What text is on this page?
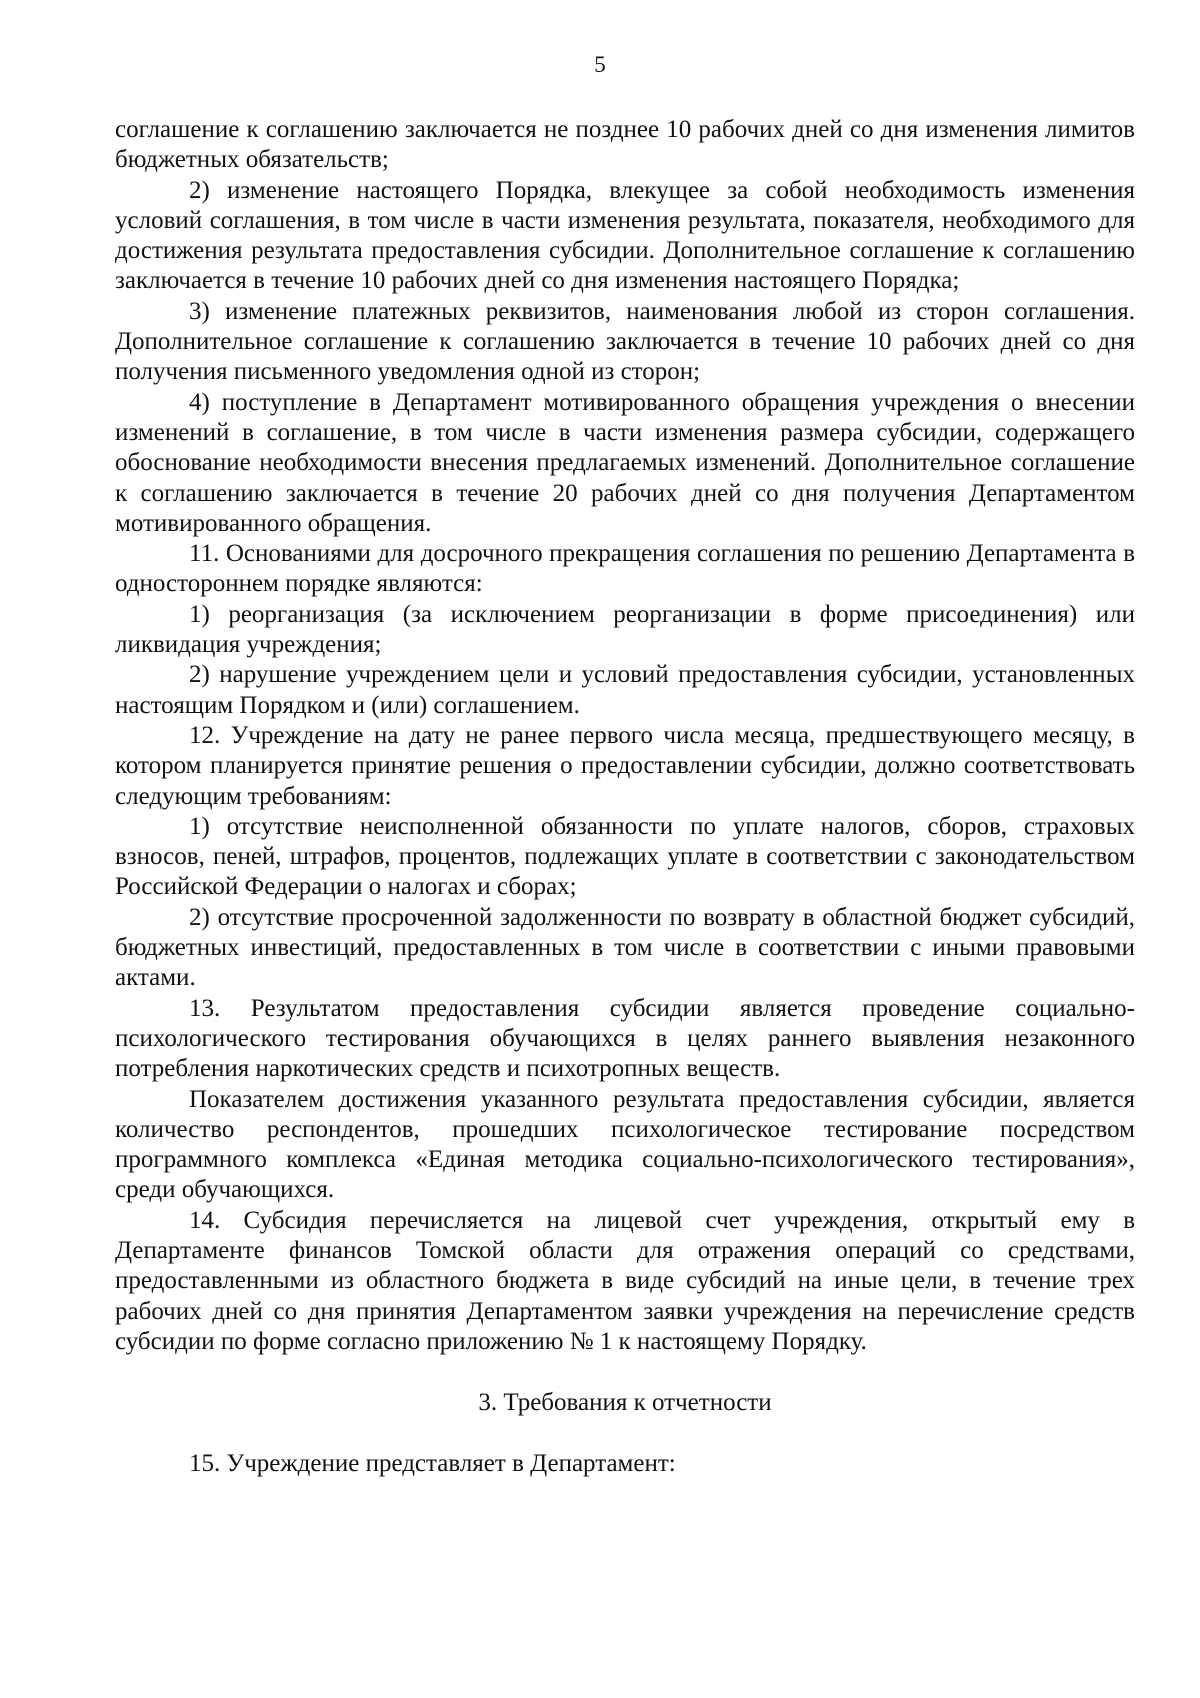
5

соглашение к соглашению заключается не позднее 10 рабочих дней со дня изменения лимитов бюджетных обязательств;

2) изменение настоящего Порядка, влекущее за собой необходимость изменения условий соглашения, в том числе в части изменения результата, показателя, необходимого для достижения результата предоставления субсидии. Дополнительное соглашение к соглашению заключается в течение 10 рабочих дней со дня изменения настоящего Порядка;

3) изменение платежных реквизитов, наименования любой из сторон соглашения. Дополнительное соглашение к соглашению заключается в течение 10 рабочих дней со дня получения письменного уведомления одной из сторон;

4) поступление в Департамент мотивированного обращения учреждения о внесении изменений в соглашение, в том числе в части изменения размера субсидии, содержащего обоснование необходимости внесения предлагаемых изменений. Дополнительное соглашение к соглашению заключается в течение 20 рабочих дней со дня получения Департаментом мотивированного обращения.

11. Основаниями для досрочного прекращения соглашения по решению Департамента в одностороннем порядке являются:

1) реорганизация (за исключением реорганизации в форме присоединения) или ликвидация учреждения;

2) нарушение учреждением цели и условий предоставления субсидии, установленных настоящим Порядком и (или) соглашением.

12. Учреждение на дату не ранее первого числа месяца, предшествующего месяцу, в котором планируется принятие решения о предоставлении субсидии, должно соответствовать следующим требованиям:

1) отсутствие неисполненной обязанности по уплате налогов, сборов, страховых взносов, пеней, штрафов, процентов, подлежащих уплате в соответствии с законодательством Российской Федерации о налогах и сборах;

2) отсутствие просроченной задолженности по возврату в областной бюджет субсидий, бюджетных инвестиций, предоставленных в том числе в соответствии с иными правовыми актами.

13. Результатом предоставления субсидии является проведение социально-психологического тестирования обучающихся в целях раннего выявления незаконного потребления наркотических средств и психотропных веществ.

Показателем достижения указанного результата предоставления субсидии, является количество респондентов, прошедших психологическое тестирование посредством программного комплекса «Единая методика социально-психологического тестирования», среди обучающихся.

14. Субсидия перечисляется на лицевой счет учреждения, открытый ему в Департаменте финансов Томской области для отражения операций со средствами, предоставленными из областного бюджета в виде субсидий на иные цели, в течение трех рабочих дней со дня принятия Департаментом заявки учреждения на перечисление средств субсидии по форме согласно приложению № 1 к настоящему Порядку.

3. Требования к отчетности

15. Учреждение представляет в Департамент:
